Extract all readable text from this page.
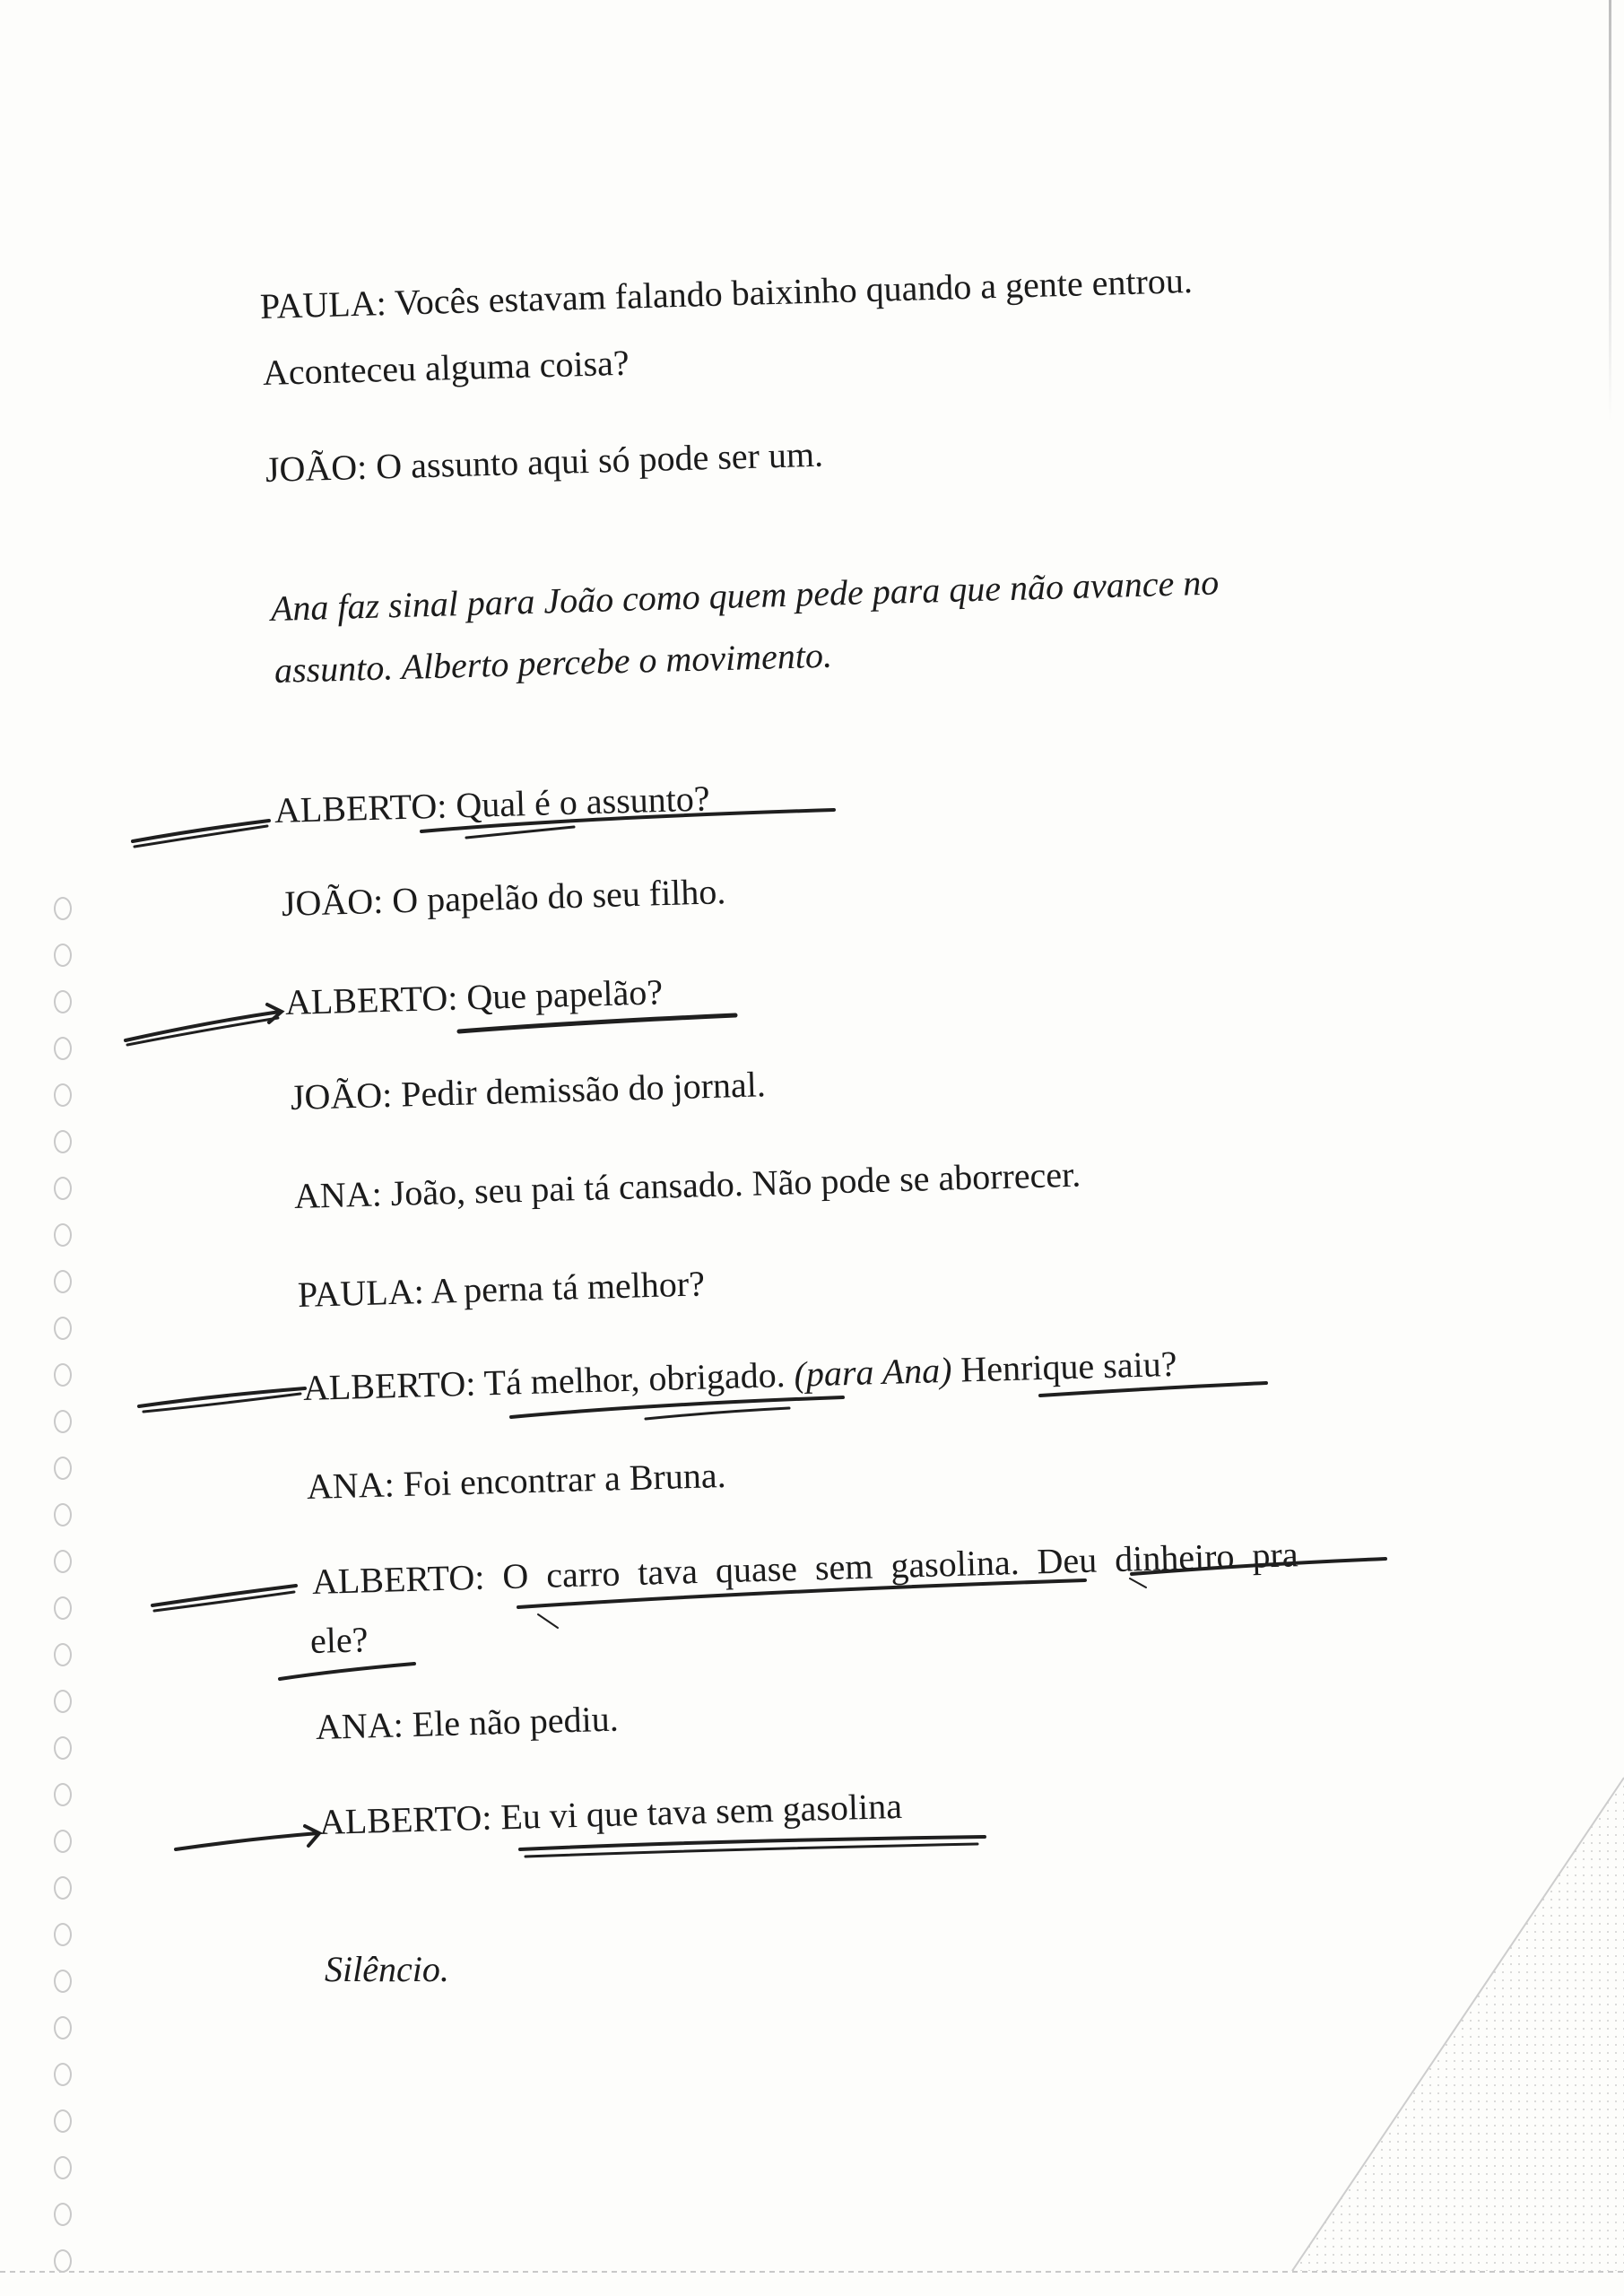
PAULA: Vocês estavam falando baixinho quando a gente entrou.
Aconteceu alguma coisa?
JOÃO: O assunto aqui só pode ser um.
Ana faz sinal para João como quem pede para que não avance no
assunto. Alberto percebe o movimento.
ALBERTO: Qual é o assunto?
JOÃO: O papelão do seu filho.
ALBERTO: Que papelão?
JOÃO: Pedir demissão do jornal.
ANA: João, seu pai tá cansado. Não pode se aborrecer.
PAULA: A perna tá melhor?
ALBERTO: Tá melhor, obrigado. (para Ana) Henrique saiu?
ANA: Foi encontrar a Bruna.
ALBERTO: O carro tava quase sem gasolina. Deu dinheiro pra
ele?
ANA: Ele não pediu.
ALBERTO: Eu vi que tava sem gasolina
Silêncio.
